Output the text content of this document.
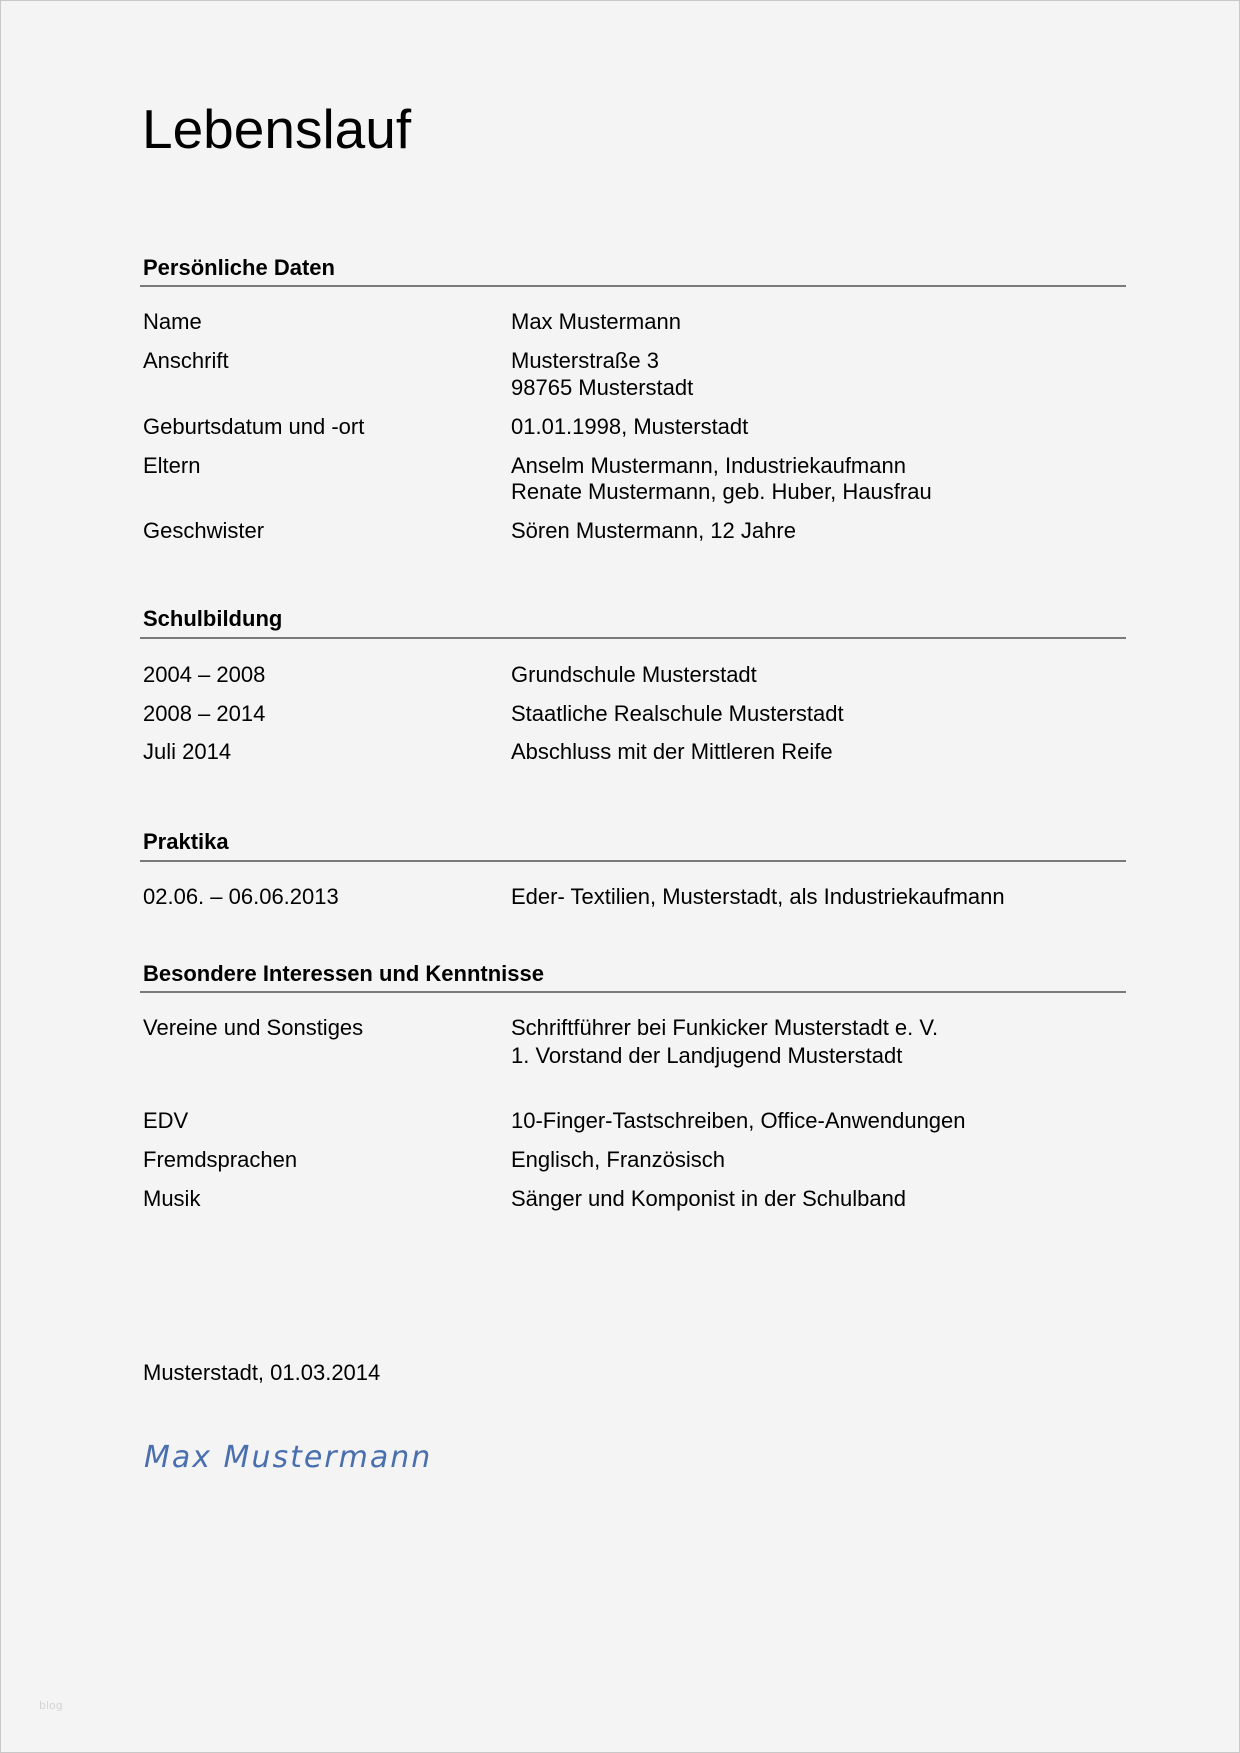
Lebenslauf
Persönliche Daten
Name	Max Mustermann
Anschrift	Musterstraße 3
98765 Musterstadt
Geburtsdatum und -ort	01.01.1998, Musterstadt
Eltern	Anselm Mustermann, Industriekaufmann
Renate Mustermann, geb. Huber, Hausfrau
Geschwister	Sören Mustermann, 12 Jahre
Schulbildung
2004 – 2008	Grundschule Musterstadt
2008 – 2014	Staatliche Realschule Musterstadt
Juli 2014	Abschluss mit der Mittleren Reife
Praktika
02.06. – 06.06.2013	Eder- Textilien, Musterstadt, als Industriekaufmann
Besondere Interessen und Kenntnisse
Vereine und Sonstiges	Schriftführer bei Funkicker Musterstadt e. V.
1. Vorstand der Landjugend Musterstadt
EDV	10-Finger-Tastschreiben, Office-Anwendungen
Fremdsprachen	Englisch, Französisch
Musik	Sänger und Komponist in der Schulband
Musterstadt, 01.03.2014
Max Mustermann
blog
